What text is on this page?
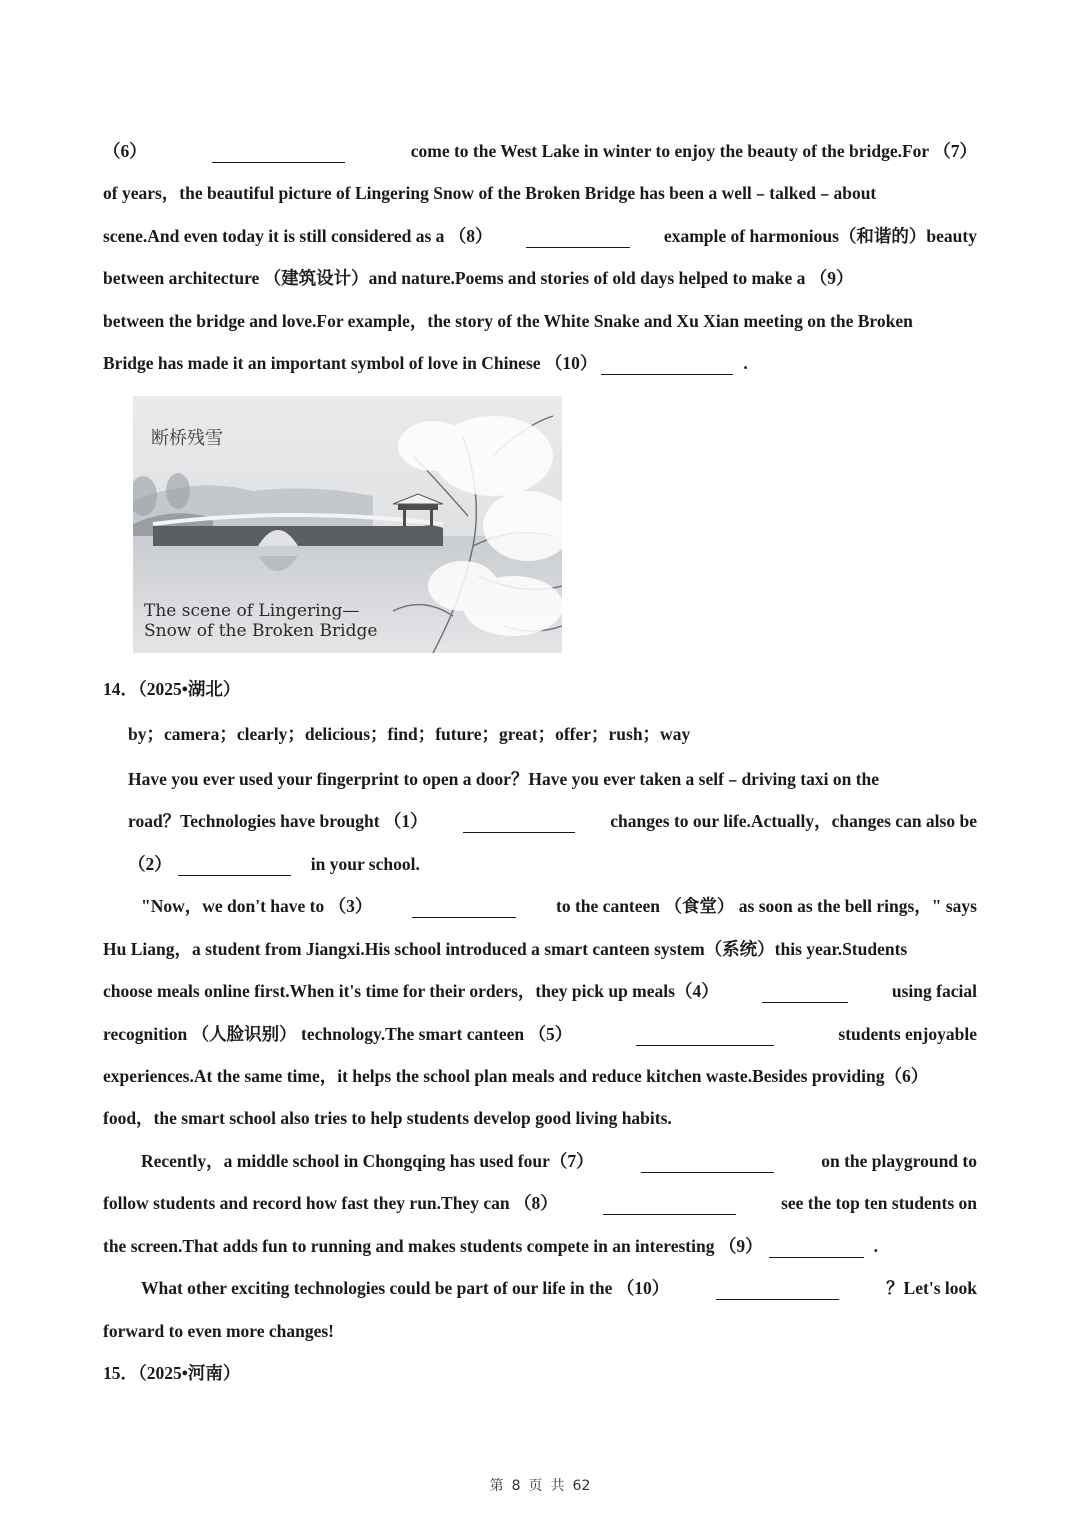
（6）	come to the West Lake in winter to enjoy the beauty of the bridge.For （7）
of years，the beautiful picture of Lingering Snow of the Broken Bridge has been a well﹣talked﹣about
scene.And even today it is still considered as a （8）	example of harmonious（和谐的）beauty
between architecture （建筑设计）and nature.Poems and stories of old days helped to make a （9）
between the bridge and love.For example，the story of the White Snake and Xu Xian meeting on the Broken
Bridge has made it an important symbol of love in Chinese （10）	.
断桥残雪
The scene of Lingering—
Snow of the Broken Bridge
14．（2025•湖北）
by；camera；clearly；delicious；find；future；great；offer；rush；way
Have you ever used your fingerprint to open a door？Have you ever taken a self﹣driving taxi on the
road？Technologies have brought （1）	changes to our life.Actually，changes can also be
（2）	in your school.
"Now，we don't have to （3）	to the canteen （食堂） as soon as the bell rings，" says
Hu Liang，a student from Jiangxi.His school introduced a smart canteen system（系统）this year.Students
choose meals online first.When it's time for their orders，they pick up meals（4）	using facial
recognition （人脸识别） technology.The smart canteen （5）	students enjoyable
experiences.At the same time，it helps the school plan meals and reduce kitchen waste.Besides providing（6）
food，the smart school also tries to help students develop good living habits.
Recently，a middle school in Chongqing has used four（7）	on the playground to
follow students and record how fast they run.They can （8）	see the top ten students on
the screen.That adds fun to running and makes students compete in an interesting （9）	.
What other exciting technologies could be part of our life in the （10）	？Let's look
forward to even more changes!
15．（2025•河南）
第 8 页 共 62
